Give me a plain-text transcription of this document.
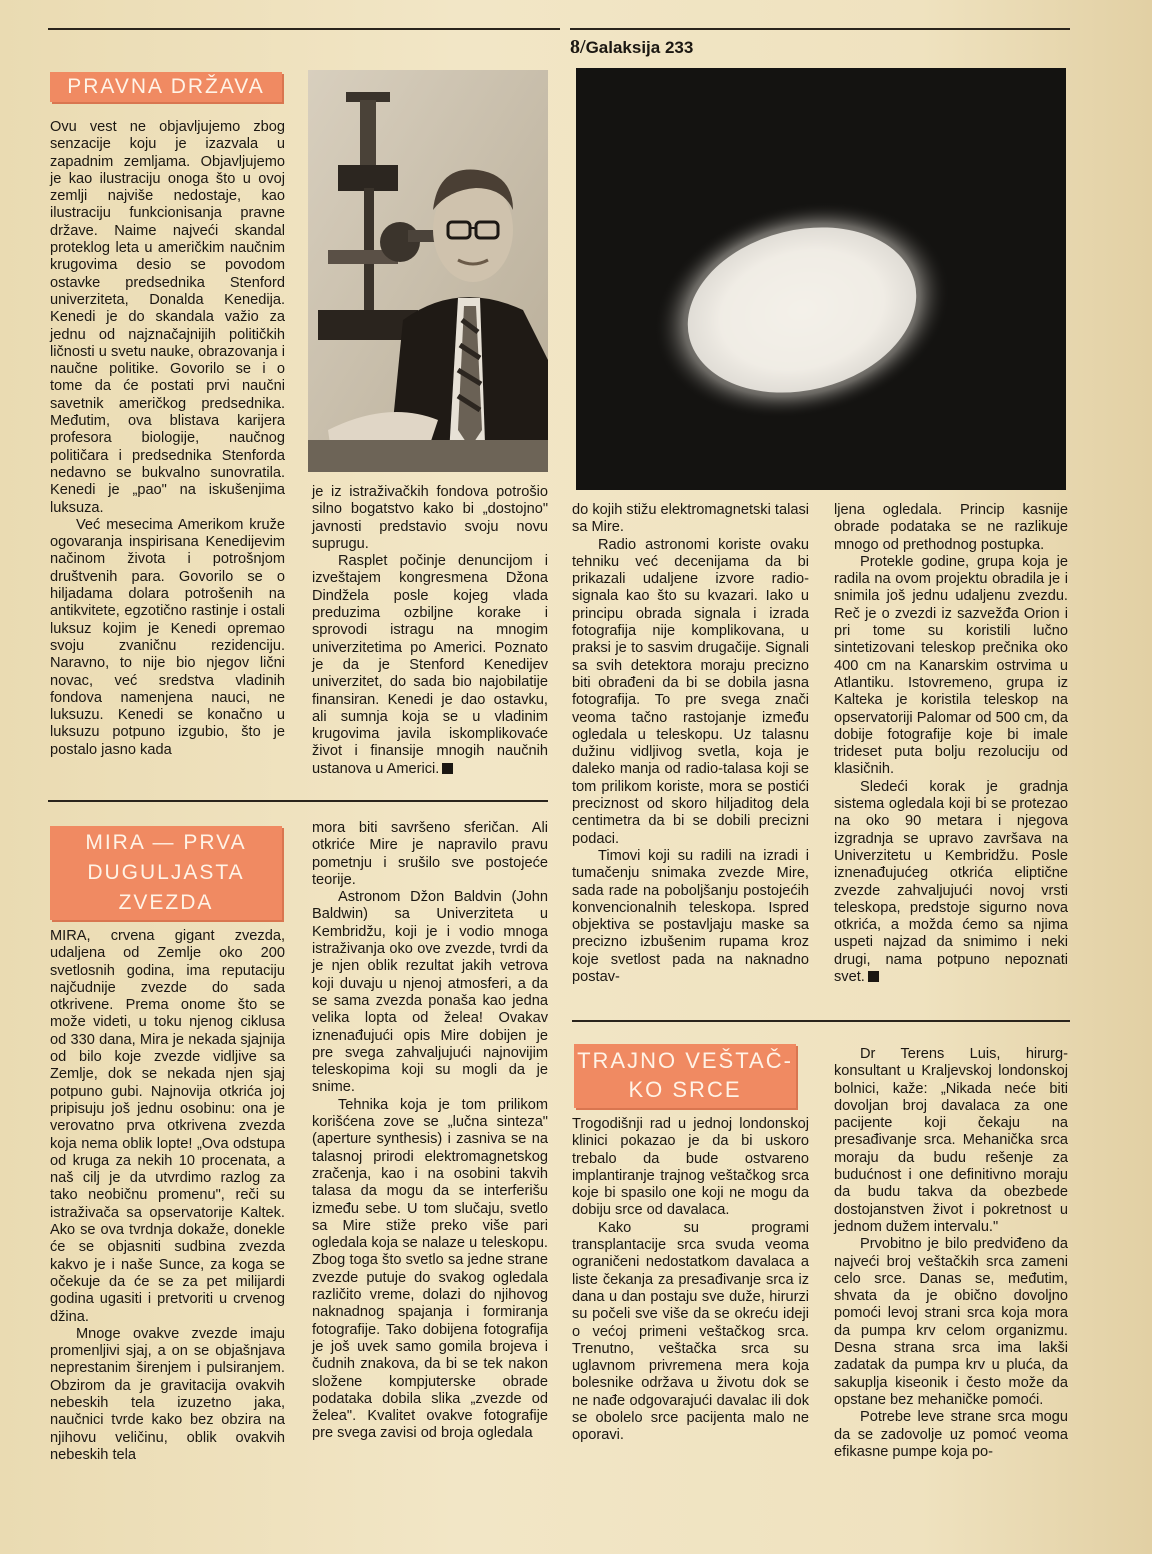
8/Galaksija 233
PRAVNA DRŽAVA

Ovu vest ne objavljujemo zbog senzacije koju je izazvala u zapadnim zemljama. Objavljujemo je kao ilustraciju onoga što u ovoj zemlji najviše nedostaje, kao ilustraciju funkcionisanja pravne države. Naime najveći skandal proteklog leta u američkim naučnim krugovima desio se povodom ostavke predsednika Stenford univerziteta, Donalda Kenedija. Kenedi je do skandala važio za jednu od najznačajnijih političkih ličnosti u svetu nauke, obrazovanja i naučne politike. Govorilo se i o tome da će postati prvi naučni savetnik američkog predsednika. Međutim, ova blistava karijera profesora biologije, naučnog političara i predsednika Stenforda nedavno se bukvalno sunovratila. Kenedi je „pao" na iskušenjima luksuza.

Već mesecima Amerikom kruže ogovaranja inspirisana Kenedijevim načinom života i potrošnjom društvenih para. Govorilo se o hiljadama dolara potrošenih na antikvitete, egzotično rastinje i ostali luksuz kojim je Kenedi opremao svoju zvaničnu rezidenciju. Naravno, to nije bio njegov lični novac, već sredstva vladinih fondova namenjena nauci, ne luksuzu. Kenedi se konačno u luksuzu potpuno izgubio, što je postalo jasno kada

je iz istraživačkih fondova potrošio silno bogatstvo kako bi „dostojno" javnosti predstavio svoju novu suprugu.

Rasplet počinje denuncijom i izveštajem kongresmena Džona Dindžela posle kojeg vlada preduzima ozbiljne korake i sprovodi istragu na mnogim univerzitetima po Americi. Poznato je da je Stenford Kenedijev univerzitet, do sada bio najobilatije finansiran. Kenedi je dao ostavku, ali sumnja koja se u vladinim krugovima javila iskomplikovaće život i finansije mnogih naučnih ustanova u Americi.

MIRA — PRVA
DUGULJASTA
ZVEZDA

MIRA, crvena gigant zvezda, udaljena od Zemlje oko 200 svetlosnih godina, ima reputaciju najčudnije zvezde do sada otkrivene. Prema onome što se može videti, u toku njenog ciklusa od 330 dana, Mira je nekada sjajnija od bilo koje zvezde vidljive sa Zemlje, dok se nekada njen sjaj potpuno gubi. Najnovija otkrića joj pripisuju još jednu osobinu: ona je verovatno prva otkrivena zvezda koja nema oblik lopte! „Ova odstupa od kruga za nekih 10 procenata, a naš cilj je da utvrdimo razlog za tako neobičnu promenu", reči su istraživača sa opservatorije Kaltek. Ako se ova tvrdnja dokaže, donekle će se objasniti sudbina zvezda kakvo je i naše Sunce, za koga se očekuje da će se za pet milijardi godina ugasiti i pretvoriti u crvenog džina.

Mnoge ovakve zvezde imaju promenljivi sjaj, a on se objašnjava neprestanim širenjem i pulsiranjem. Obzirom da je gravitacija ovakvih nebeskih tela izuzetno jaka, naučnici tvrde kako bez obzira na njihovu veličinu, oblik ovakvih nebeskih tela

mora biti savršeno sferičan. Ali otkriće Mire je napravilo pravu pometnju i srušilo sve postojeće teorije.

Astronom Džon Baldvin (John Baldwin) sa Univerziteta u Kembridžu, koji je i vodio mnoga istraživanja oko ove zvezde, tvrdi da je njen oblik rezultat jakih vetrova koji duvaju u njenoj atmosferi, a da se sama zvezda ponaša kao jedna velika lopta od želea! Ovakav iznenađujući opis Mire dobijen je pre svega zahvaljujući najnovijim teleskopima koji su mogli da je snime.

Tehnika koja je tom prilikom korišćena zove se „lučna sinteza" (aperture synthesis) i zasniva se na talasnoj prirodi elektromagnetskog zračenja, kao i na osobini takvih talasa da mogu da se interferišu između sebe. U tom slučaju, svetlo sa Mire stiže preko više pari ogledala koja se nalaze u teleskopu. Zbog toga što svetlo sa jedne strane zvezde putuje do svakog ogledala različito vreme, dolazi do njihovog naknadnog spajanja i formiranja fotografije. Tako dobijena fotografija je još uvek samo gomila brojeva i čudnih znakova, da bi se tek nakon složene kompjuterske obrade podataka dobila slika „zvezde od želea". Kvalitet ovakve fotografije pre svega zavisi od broja ogledala

do kojih stižu elektromagnetski talasi sa Mire.

Radio astronomi koriste ovaku tehniku već decenijama da bi prikazali udaljene izvore radio-signala kao što su kvazari. Iako u principu obrada signala i izrada fotografija nije komplikovana, u praksi je to sasvim drugačije. Signali sa svih detektora moraju precizno biti obrađeni da bi se dobila jasna fotografija. To pre svega znači veoma tačno rastojanje između ogledala u teleskopu. Uz talasnu dužinu vidljivog svetla, koja je daleko manja od radio-talasa koji se tom prilikom koriste, mora se postići preciznost od skoro hiljaditog dela centimetra da bi se dobili precizni podaci.

Timovi koji su radili na izradi i tumačenju snimaka zvezde Mire, sada rade na poboljšanju postojećih konvencionalnih teleskopa. Ispred objektiva se postavljaju maske sa precizno izbušenim rupama kroz koje svetlost pada na naknadno postav-

ljena ogledala. Princip kasnije obrade podataka se ne razlikuje mnogo od prethodnog postupka.

Protekle godine, grupa koja je radila na ovom projektu obradila je i snimila još jednu udaljenu zvezdu. Reč je o zvezdi iz sazvežđa Orion i pri tome su koristili lučno sintetizovani teleskop prečnika oko 400 cm na Kanarskim ostrvima u Atlantiku. Istovremeno, grupa iz Kalteka je koristila teleskop na opservatoriji Palomar od 500 cm, da dobije fotografije koje bi imale trideset puta bolju rezoluciju od klasičnih.

Sledeći korak je gradnja sistema ogledala koji bi se protezao na oko 90 metara i njegova izgradnja se upravo završava na Univerzitetu u Kembridžu. Posle iznenađujućeg otkrića eliptične zvezde zahvaljujući novoj vrsti teleskopa, predstoje sigurno nova otkrića, a možda ćemo sa njima uspeti najzad da snimimo i neki drugi, nama potpuno nepoznati svet.

TRAJNO VEŠTAČ-
KO SRCE

Trogodišnji rad u jednoj londonskoj klinici pokazao je da bi uskoro trebalo da bude ostvareno implantiranje trajnog veštačkog srca koje bi spasilo one koji ne mogu da dobiju srce od davalaca.

Kako su programi transplantacije srca svuda veoma ograničeni nedostatkom davalaca a liste čekanja za presađivanje srca iz dana u dan postaju sve duže, hirurzi su počeli sve više da se okreću ideji o većoj primeni veštačkog srca. Trenutno, veštačka srca su uglavnom privremena mera koja bolesnike održava u životu dok se ne nađe odgovarajući davalac ili dok se obolelo srce pacijenta malo ne oporavi.

Dr Terens Luis, hirurg-konsultant u Kraljevskoj londonskoj bolnici, kaže: „Nikada neće biti dovoljan broj davalaca za one pacijente koji čekaju na presađivanje srca. Mehanička srca moraju da budu rešenje za budućnost i one definitivno moraju da budu takva da obezbede dostojanstven život i pokretnost u jednom dužem intervalu."

Prvobitno je bilo predviđeno da najveći broj veštačkih srca zameni celo srce. Danas se, međutim, shvata da je obično dovoljno pomoći levoj strani srca koja mora da pumpa krv celom organizmu. Desna strana srca ima lakši zadatak da pumpa krv u pluća, da sakuplja kiseonik i često može da opstane bez mehaničke pomoći.

Potrebe leve strane srca mogu da se zadovolje uz pomoć veoma efikasne pumpe koja po-
